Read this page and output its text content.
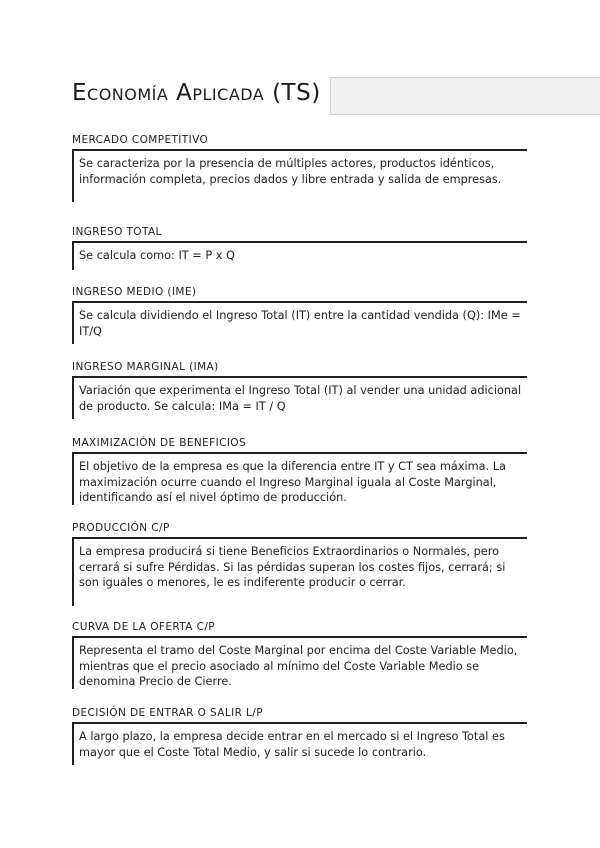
Economía Aplicada (TS)
MERCADO COMPETITIVO
Se caracteriza por la presencia de múltiples actores, productos idénticos, información completa, precios dados y libre entrada y salida de empresas.
INGRESO TOTAL
Se calcula como: IT = P x Q
INGRESO MEDIO (IME)
Se calcula dividiendo el Ingreso Total (IT) entre la cantidad vendida (Q): IMe = IT/Q
INGRESO MARGINAL (IMA)
Variación que experimenta el Ingreso Total (IT) al vender una unidad adicional de producto. Se calcula: IMa = IT / Q
MAXIMIZACIÓN DE BENEFICIOS
El objetivo de la empresa es que la diferencia entre IT y CT sea máxima. La maximización ocurre cuando el Ingreso Marginal iguala al Coste Marginal, identificando así el nivel óptimo de producción.
PRODUCCIÓN C/P
La empresa producirá si tiene Beneficios Extraordinarios o Normales, pero cerrará si sufre Pérdidas. Si las pérdidas superan los costes fijos, cerrará; si son iguales o menores, le es indiferente producir o cerrar.
CURVA DE LA OFERTA C/P
Representa el tramo del Coste Marginal por encima del Coste Variable Medio, mientras que el precio asociado al mínimo del Coste Variable Medio se denomina Precio de Cierre.
DECISIÓN DE ENTRAR O SALIR L/P
A largo plazo, la empresa decide entrar en el mercado si el Ingreso Total es mayor que el Coste Total Medio, y salir si sucede lo contrario.
